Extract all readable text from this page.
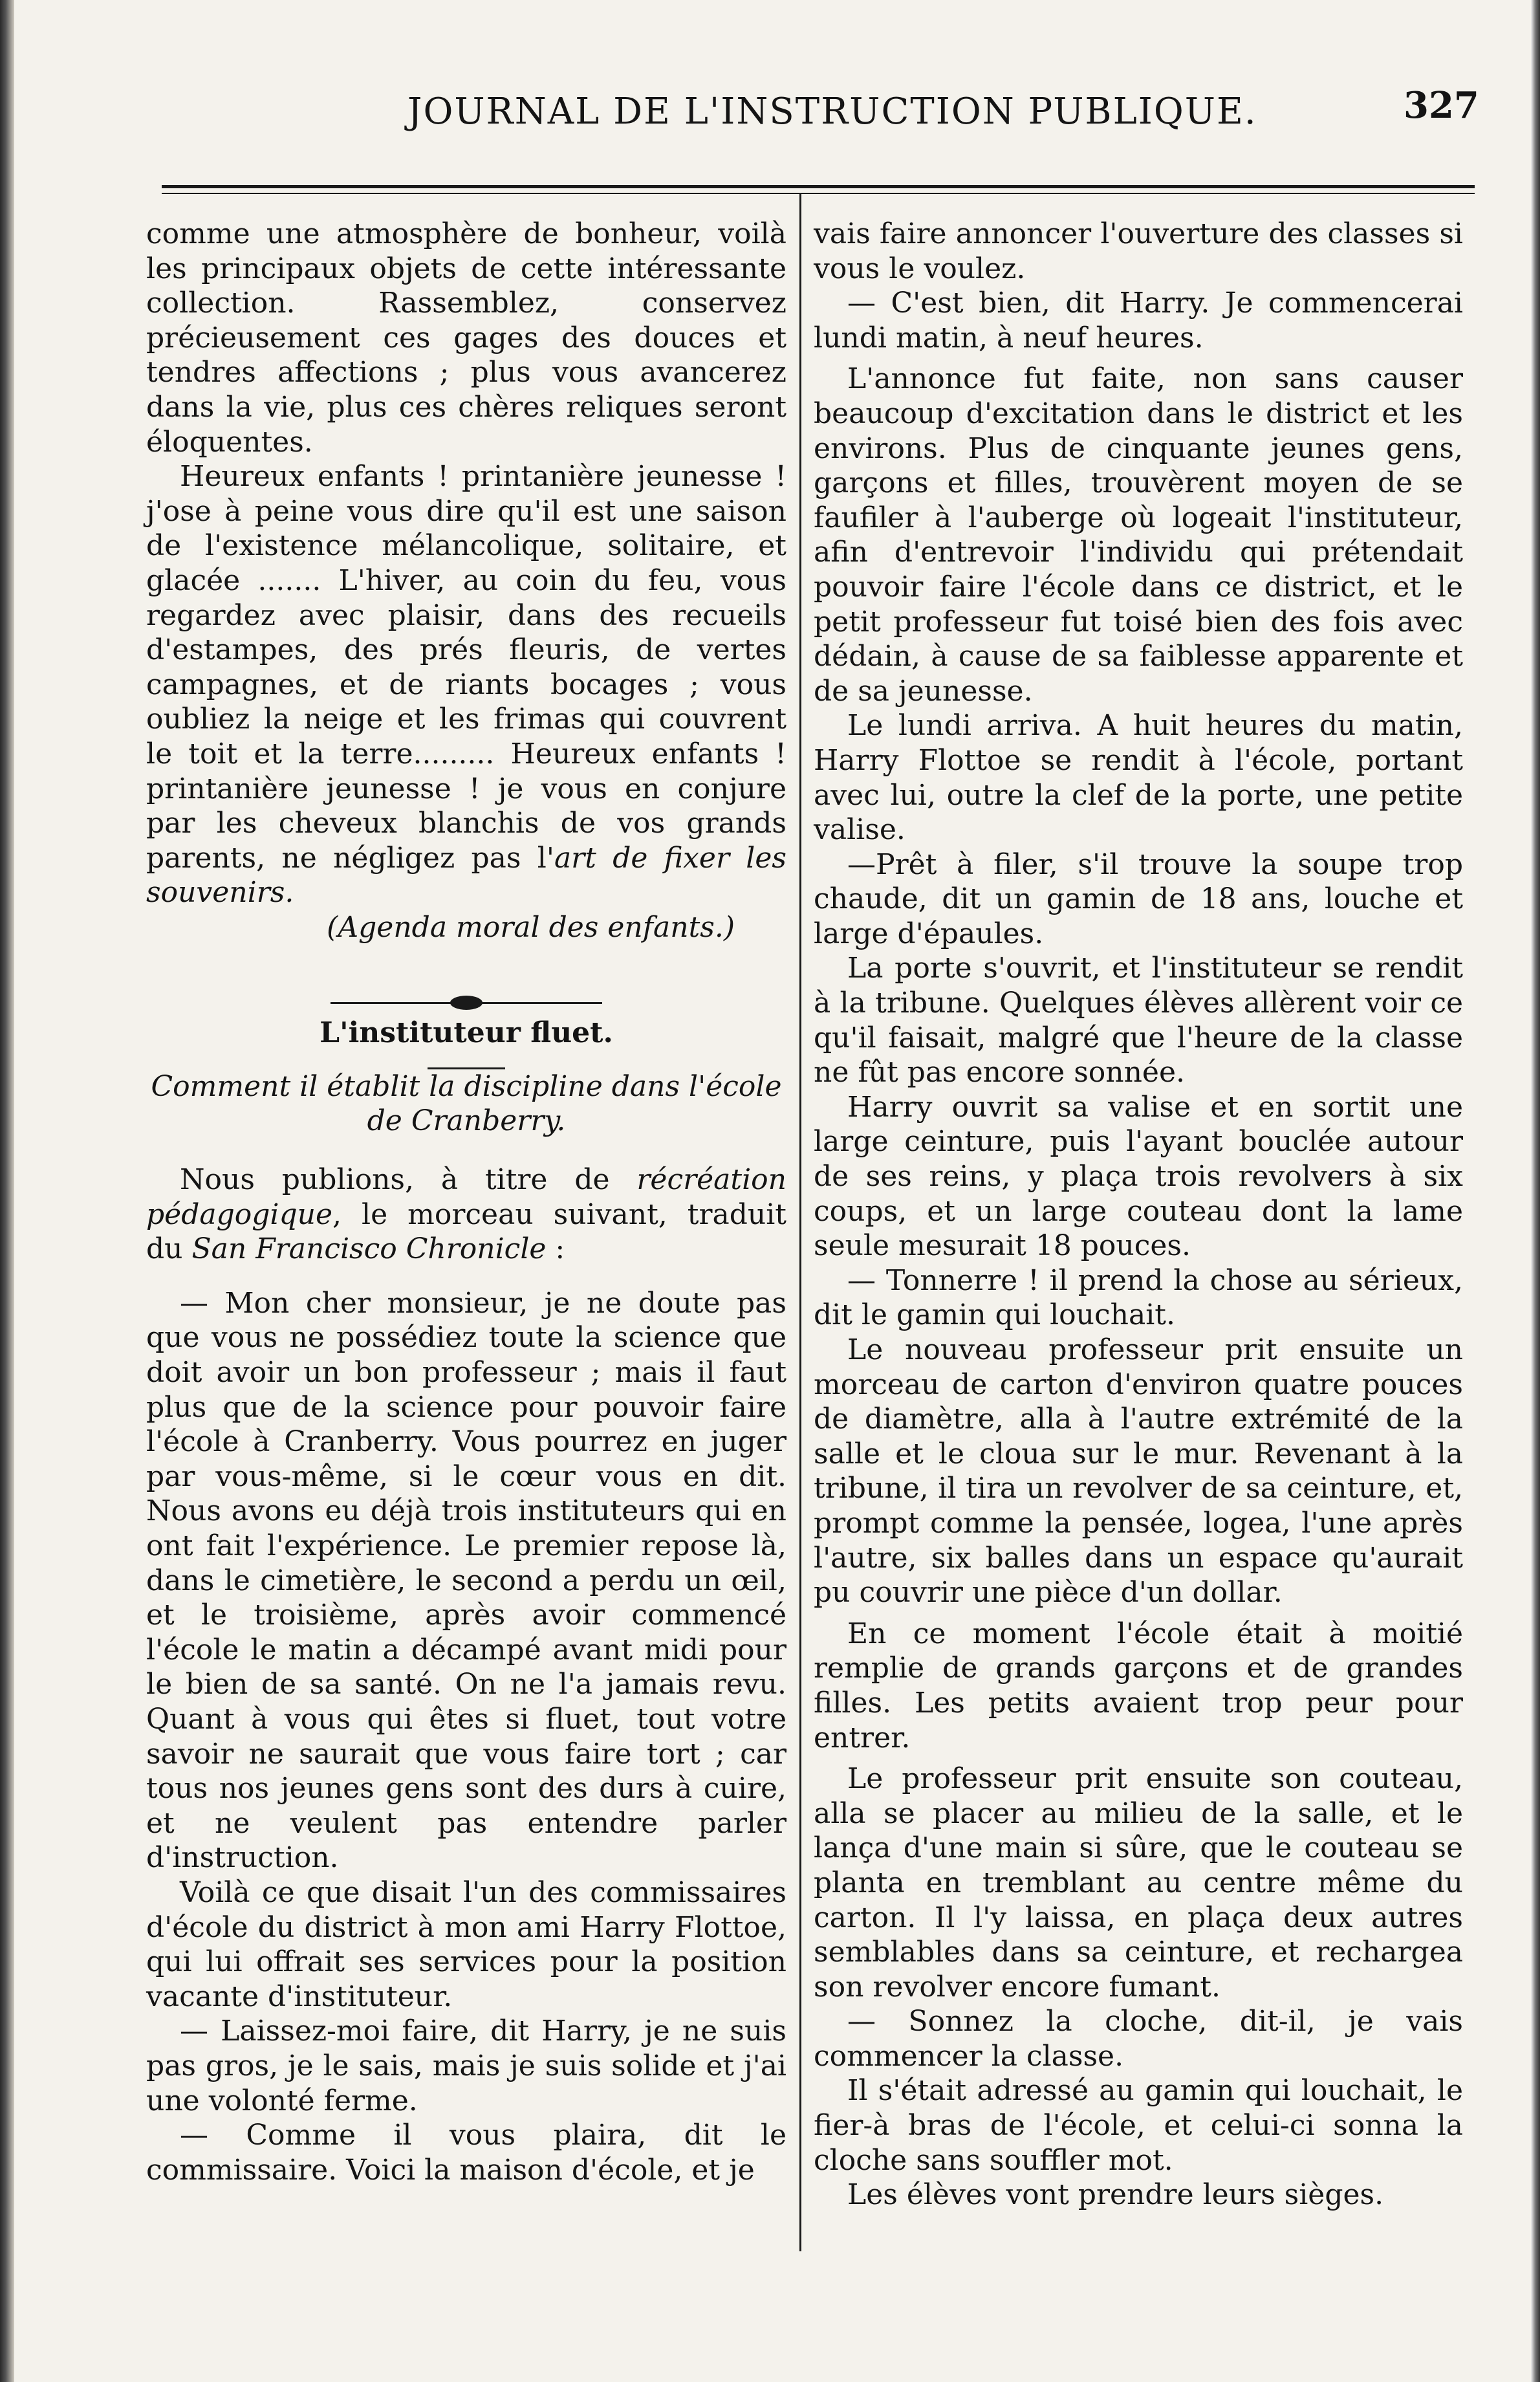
JOURNAL DE L'INSTRUCTION PUBLIQUE.	327

comme une atmosphère de bonheur, voilà les principaux objets de cette intéressante collection. Rassemblez, conservez précieusement ces gages des douces et tendres affections ; plus vous avancerez dans la vie, plus ces chères reliques seront éloquentes.

Heureux enfants ! printanière jeunesse ! j'ose à peine vous dire qu'il est une saison de l'existence mélancolique, solitaire, et glacée ....... L'hiver, au coin du feu, vous regardez avec plaisir, dans des recueils d'estampes, des prés fleuris, de vertes campagnes, et de riants bocages ; vous oubliez la neige et les frimas qui couvrent le toit et la terre......... Heureux enfants ! printanière jeunesse ! je vous en conjure par les cheveux blanchis de vos grands parents, ne négligez pas l'art de fixer les souvenirs.

(Agenda moral des enfants.)

L'instituteur fluet.

Comment il établit la discipline dans l'école de Cranberry.

Nous publions, à titre de récréation pédagogique, le morceau suivant, traduit du San Francisco Chronicle :

— Mon cher monsieur, je ne doute pas que vous ne possédiez toute la science que doit avoir un bon professeur ; mais il faut plus que de la science pour pouvoir faire l'école à Cranberry. Vous pourrez en juger par vous-même, si le cœur vous en dit. Nous avons eu déjà trois instituteurs qui en ont fait l'expérience. Le premier repose là, dans le cimetière, le second a perdu un œil, et le troisième, après avoir commencé l'école le matin a décampé avant midi pour le bien de sa santé. On ne l'a jamais revu. Quant à vous qui êtes si fluet, tout votre savoir ne saurait que vous faire tort ; car tous nos jeunes gens sont des durs à cuire, et ne veulent pas entendre parler d'instruction.

Voilà ce que disait l'un des commissaires d'école du district à mon ami Harry Flottoe, qui lui offrait ses services pour la position vacante d'instituteur.

— Laissez-moi faire, dit Harry, je ne suis pas gros, je le sais, mais je suis solide et j'ai une volonté ferme.

— Comme il vous plaira, dit le commissaire. Voici la maison d'école, et je

vais faire annoncer l'ouverture des classes si vous le voulez.

— C'est bien, dit Harry. Je commencerai lundi matin, à neuf heures.

L'annonce fut faite, non sans causer beaucoup d'excitation dans le district et les environs. Plus de cinquante jeunes gens, garçons et filles, trouvèrent moyen de se faufiler à l'auberge où logeait l'instituteur, afin d'entrevoir l'individu qui prétendait pouvoir faire l'école dans ce district, et le petit professeur fut toisé bien des fois avec dédain, à cause de sa faiblesse apparente et de sa jeunesse.

Le lundi arriva. A huit heures du matin, Harry Flottoe se rendit à l'école, portant avec lui, outre la clef de la porte, une petite valise.

—Prêt à filer, s'il trouve la soupe trop chaude, dit un gamin de 18 ans, louche et large d'épaules.

La porte s'ouvrit, et l'instituteur se rendit à la tribune. Quelques élèves allèrent voir ce qu'il faisait, malgré que l'heure de la classe ne fût pas encore sonnée.

Harry ouvrit sa valise et en sortit une large ceinture, puis l'ayant bouclée autour de ses reins, y plaça trois revolvers à six coups, et un large couteau dont la lame seule mesurait 18 pouces.

— Tonnerre ! il prend la chose au sérieux, dit le gamin qui louchait.

Le nouveau professeur prit ensuite un morceau de carton d'environ quatre pouces de diamètre, alla à l'autre extrémité de la salle et le cloua sur le mur. Revenant à la tribune, il tira un revolver de sa ceinture, et, prompt comme la pensée, logea, l'une après l'autre, six balles dans un espace qu'aurait pu couvrir une pièce d'un dollar.

En ce moment l'école était à moitié remplie de grands garçons et de grandes filles. Les petits avaient trop peur pour entrer.

Le professeur prit ensuite son couteau, alla se placer au milieu de la salle, et le lança d'une main si sûre, que le couteau se planta en tremblant au centre même du carton. Il l'y laissa, en plaça deux autres semblables dans sa ceinture, et rechargea son revolver encore fumant.

— Sonnez la cloche, dit-il, je vais commencer la classe.

Il s'était adressé au gamin qui louchait, le fier-à bras de l'école, et celui-ci sonna la cloche sans souffler mot.

Les élèves vont prendre leurs sièges.
